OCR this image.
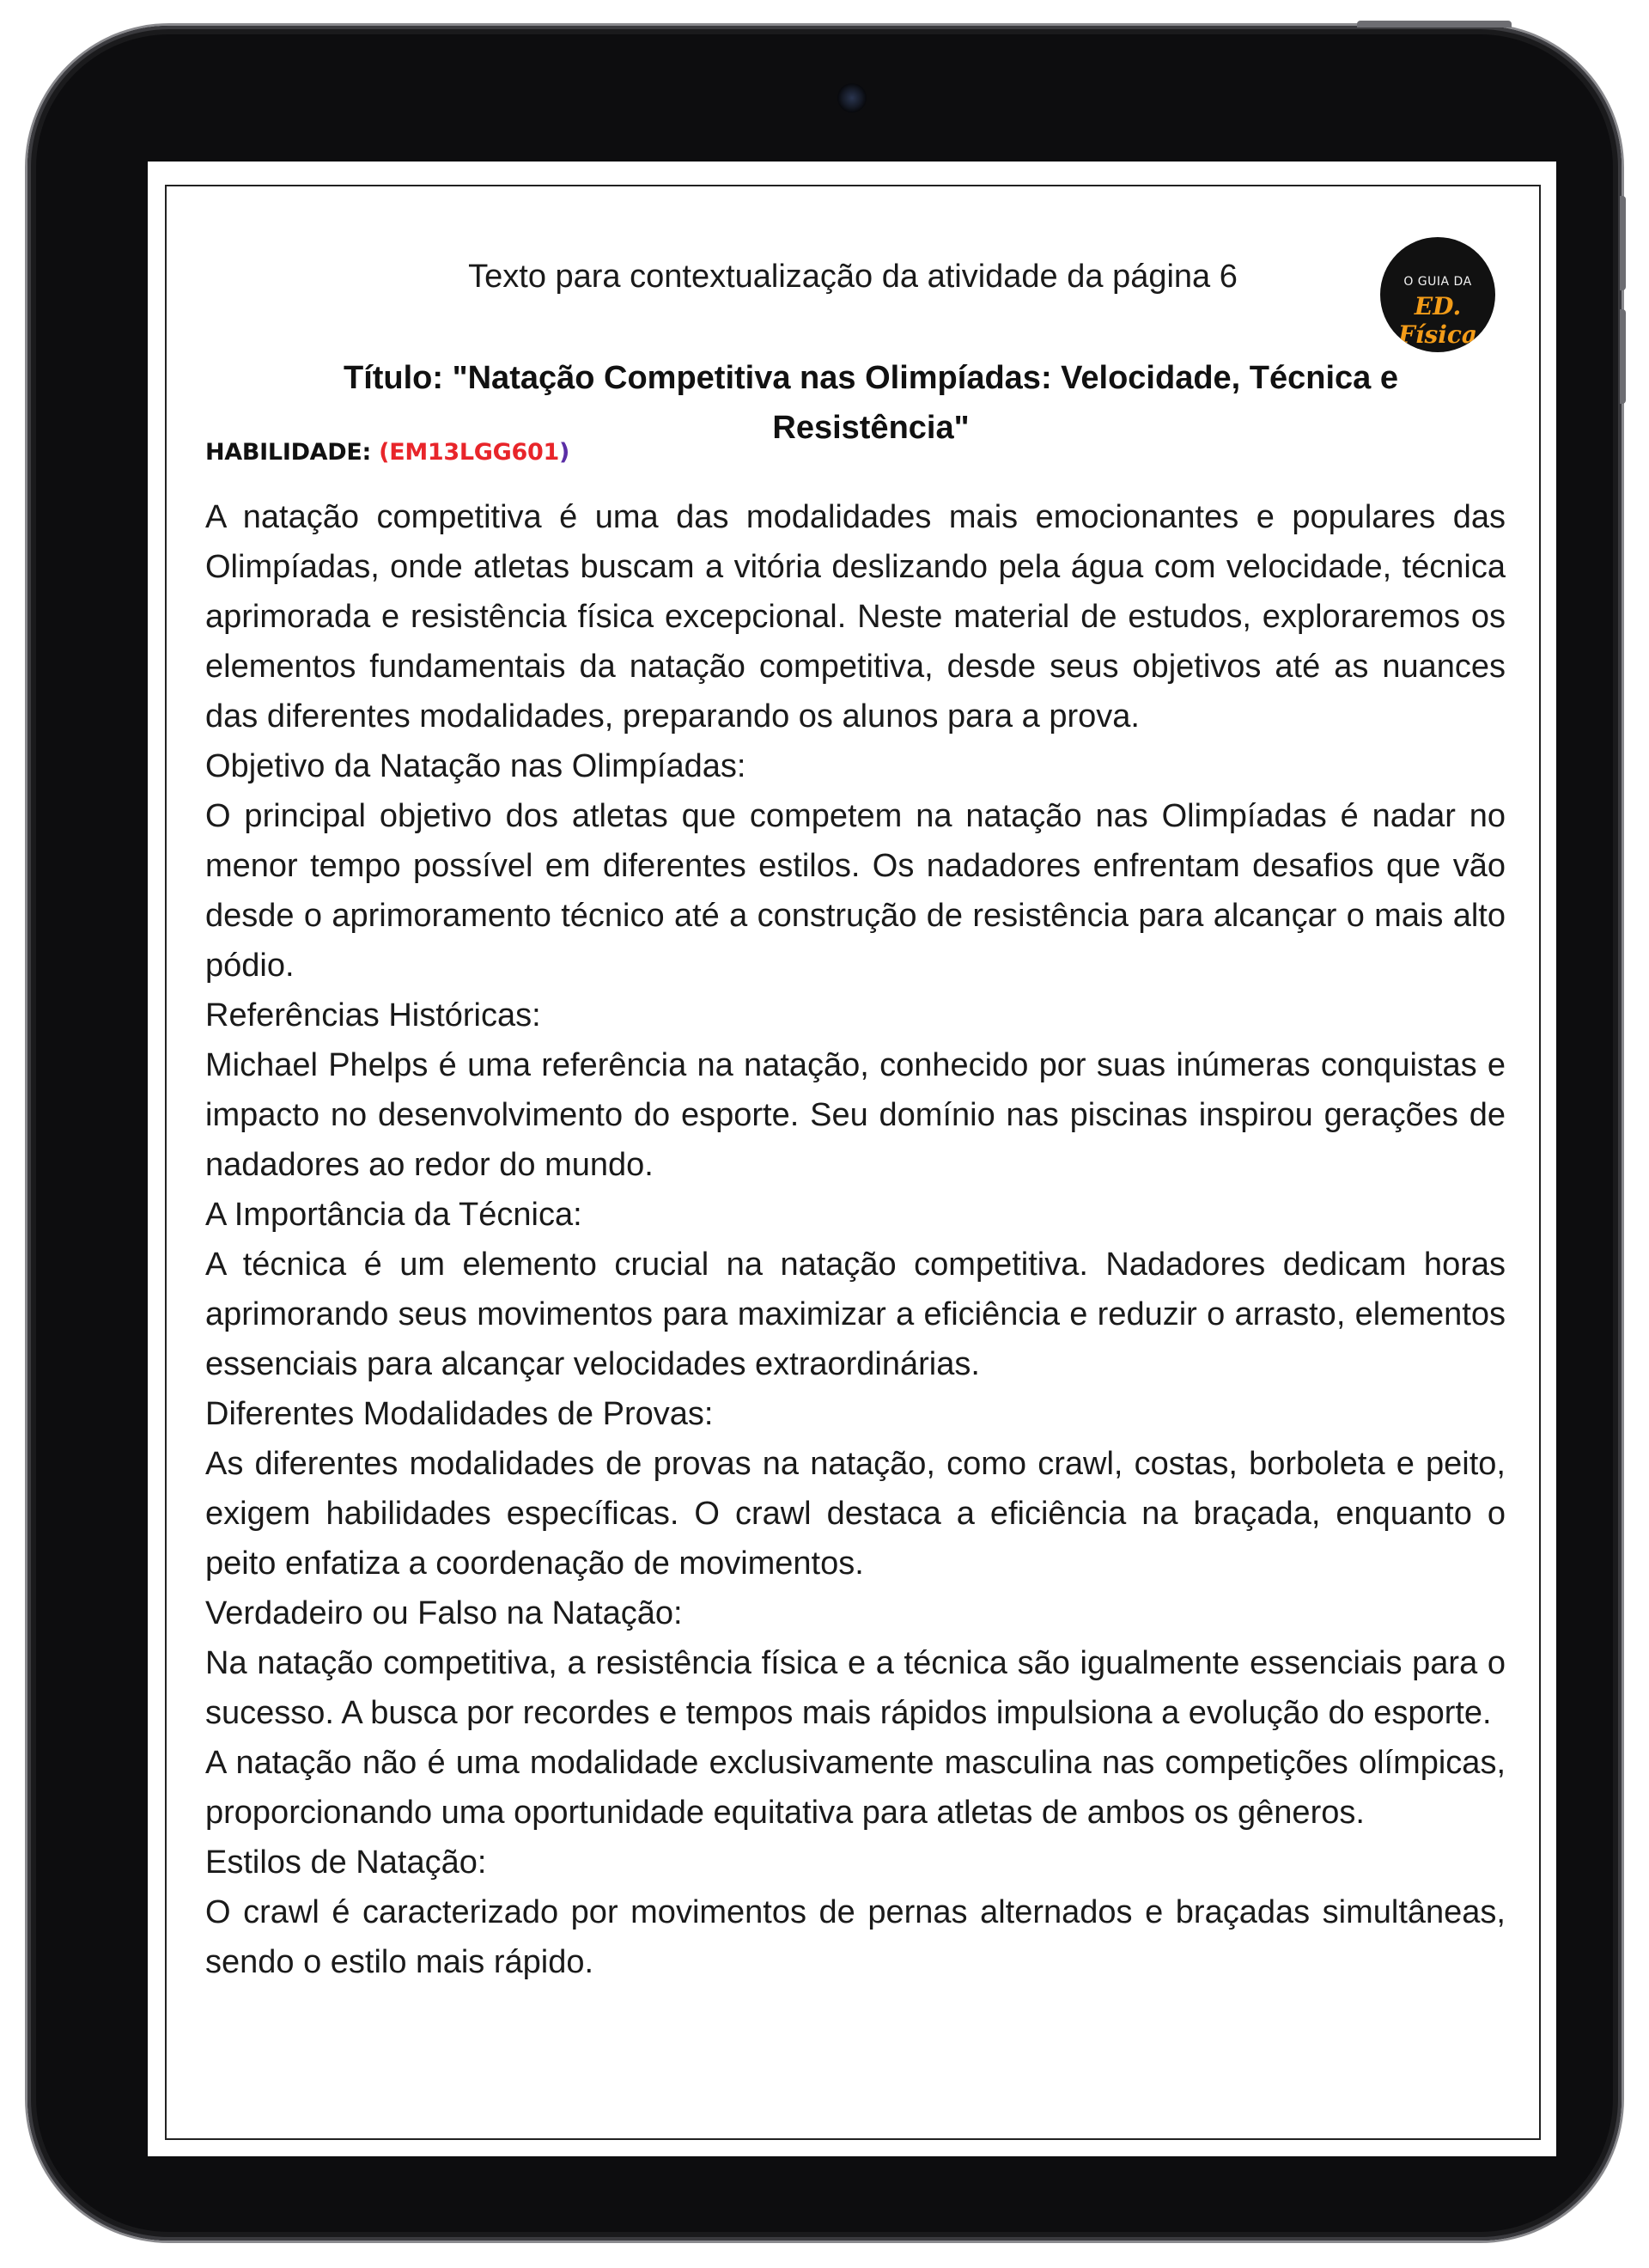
Texto para contextualização da atividade da página 6	O GUIA DA
ED. Física
Título: "Natação Competitiva nas Olimpíadas: Velocidade, Técnica e Resistência"
HABILIDADE: (EM13LGG601)

A natação competitiva é uma das modalidades mais emocionantes e populares das Olimpíadas, onde atletas buscam a vitória deslizando pela água com velocidade, técnica aprimorada e resistência física excepcional. Neste material de estudos, exploraremos os elementos fundamentais da natação competitiva, desde seus objetivos até as nuances das diferentes modalidades, preparando os alunos para a prova.

Objetivo da Natação nas Olimpíadas:

O principal objetivo dos atletas que competem na natação nas Olimpíadas é nadar no menor tempo possível em diferentes estilos. Os nadadores enfrentam desafios que vão desde o aprimoramento técnico até a construção de resistência para alcançar o mais alto pódio.

Referências Históricas:

Michael Phelps é uma referência na natação, conhecido por suas inúmeras conquistas e impacto no desenvolvimento do esporte. Seu domínio nas piscinas inspirou gerações de nadadores ao redor do mundo.

A Importância da Técnica:

A técnica é um elemento crucial na natação competitiva. Nadadores dedicam horas aprimorando seus movimentos para maximizar a eficiência e reduzir o arrasto, elementos essenciais para alcançar velocidades extraordinárias.

Diferentes Modalidades de Provas:

As diferentes modalidades de provas na natação, como crawl, costas, borboleta e peito, exigem habilidades específicas. O crawl destaca a eficiência na braçada, enquanto o peito enfatiza a coordenação de movimentos.

Verdadeiro ou Falso na Natação:

Na natação competitiva, a resistência física e a técnica são igualmente essenciais para o sucesso. A busca por recordes e tempos mais rápidos impulsiona a evolução do esporte.

A natação não é uma modalidade exclusivamente masculina nas competições olímpicas, proporcionando uma oportunidade equitativa para atletas de ambos os gêneros.

Estilos de Natação:

O crawl é caracterizado por movimentos de pernas alternados e braçadas simultâneas, sendo o estilo mais rápido.
